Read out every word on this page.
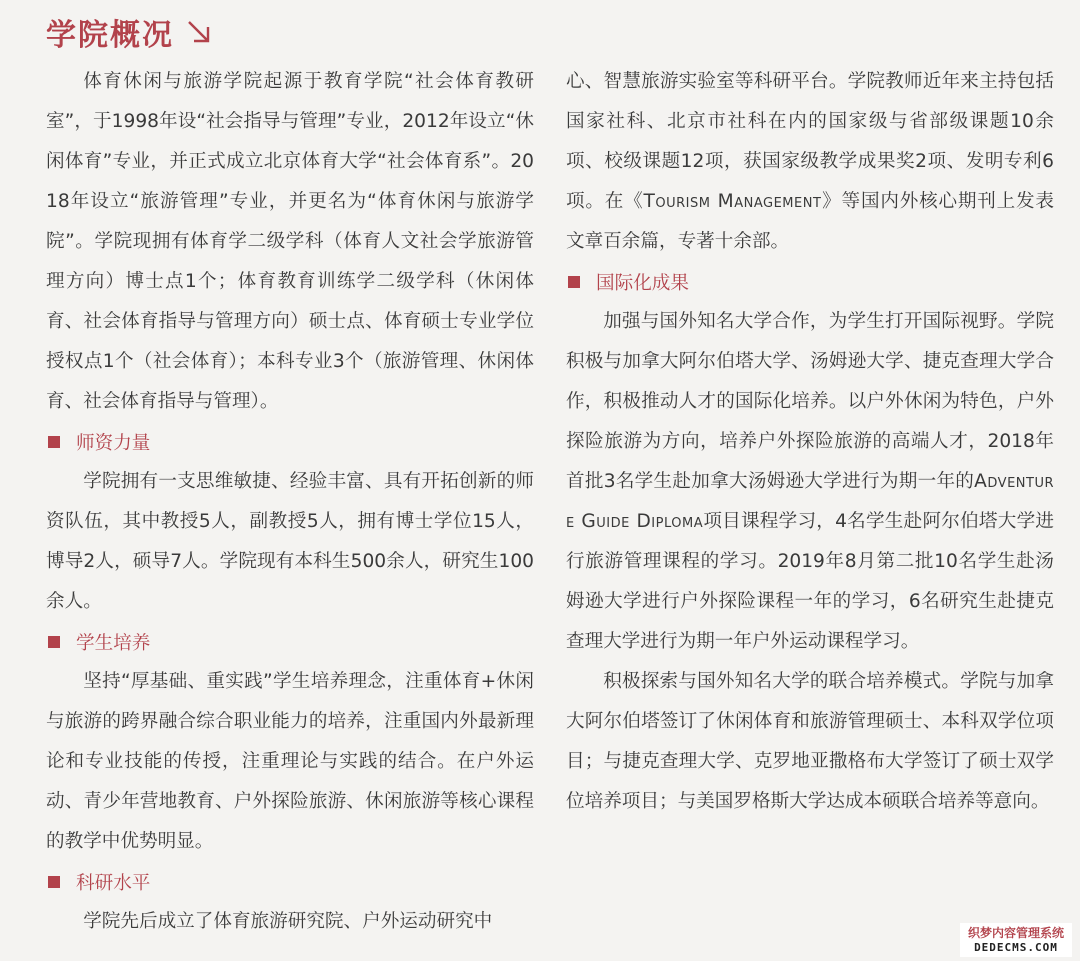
学院概况

体育休闲与旅游学院起源于教育学院“社会体育教研室”，于1998年设“社会指导与管理”专业，2012年设立“休闲体育”专业，并正式成立北京体育大学“社会体育系”。2018年设立“旅游管理”专业，并更名为“体育休闲与旅游学院”。学院现拥有体育学二级学科（体育人文社会学旅游管理方向）博士点1个；体育教育训练学二级学科（休闲体育、社会体育指导与管理方向）硕士点、体育硕士专业学位授权点1个（社会体育）；本科专业3个（旅游管理、休闲体育、社会体育指导与管理）。

师资力量

学院拥有一支思维敏捷、经验丰富、具有开拓创新的师资队伍，其中教授5人，副教授5人，拥有博士学位15人，博导2人，硕导7人。学院现有本科生500余人，研究生100余人。

学生培养

坚持“厚基础、重实践”学生培养理念，注重体育+休闲与旅游的跨界融合综合职业能力的培养，注重国内外最新理论和专业技能的传授，注重理论与实践的结合。在户外运动、青少年营地教育、户外探险旅游、休闲旅游等核心课程的教学中优势明显。

科研水平

学院先后成立了体育旅游研究院、户外运动研究中

心、智慧旅游实验室等科研平台。学院教师近年来主持包括国家社科、北京市社科在内的国家级与省部级课题10余项、校级课题12项，获国家级教学成果奖2项、发明专利6项。在《Tourism Management》等国内外核心期刊上发表文章百余篇，专著十余部。

国际化成果

加强与国外知名大学合作，为学生打开国际视野。学院积极与加拿大阿尔伯塔大学、汤姆逊大学、捷克查理大学合作，积极推动人才的国际化培养。以户外休闲为特色，户外探险旅游为方向，培养户外探险旅游的高端人才，2018年首批3名学生赴加拿大汤姆逊大学进行为期一年的Adventure Guide Diploma项目课程学习，4名学生赴阿尔伯塔大学进行旅游管理课程的学习。2019年8月第二批10名学生赴汤姆逊大学进行户外探险课程一年的学习，6名研究生赴捷克查理大学进行为期一年户外运动课程学习。

积极探索与国外知名大学的联合培养模式。学院与加拿大阿尔伯塔签订了休闲体育和旅游管理硕士、本科双学位项目；与捷克查理大学、克罗地亚撒格布大学签订了硕士双学位培养项目；与美国罗格斯大学达成本硕联合培养等意向。

织梦内容管理系统
DEDECMS.COM
